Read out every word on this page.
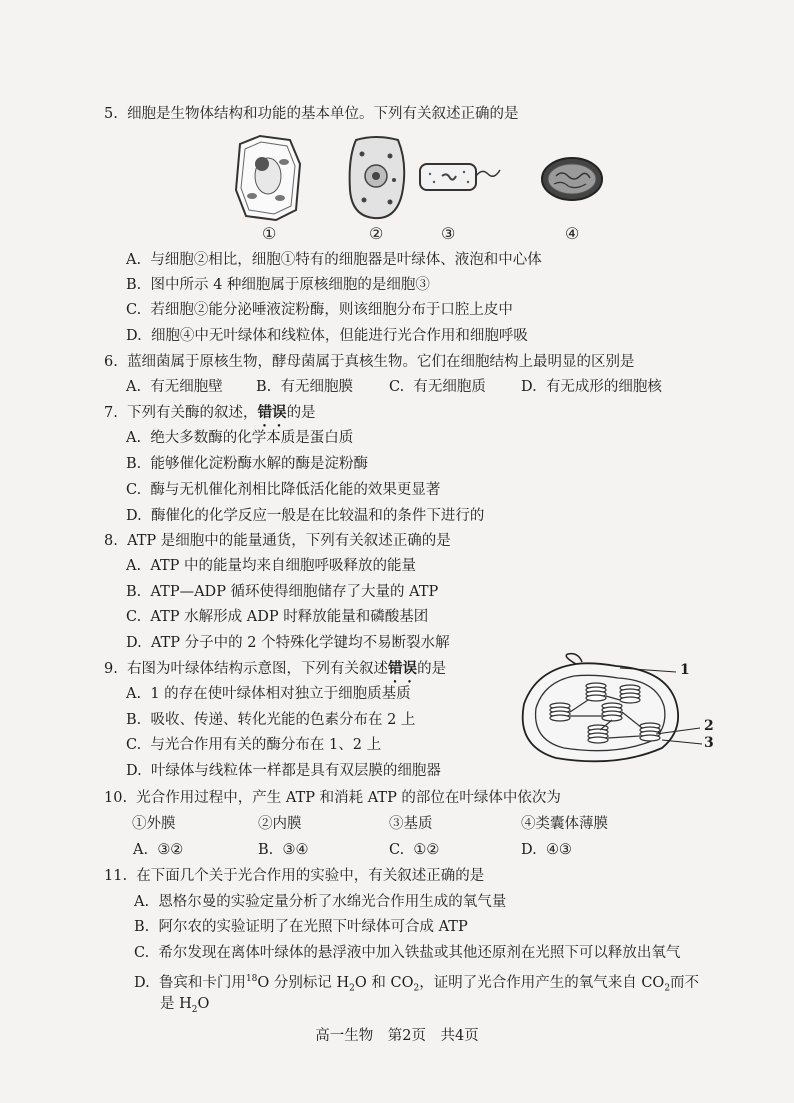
5. 细胞是生物体结构和功能的基本单位。下列有关叙述正确的是
①	②	③	④
A. 与细胞②相比，细胞①特有的细胞器是叶绿体、液泡和中心体
B. 图中所示 4 种细胞属于原核细胞的是细胞③
C. 若细胞②能分泌唾液淀粉酶，则该细胞分布于口腔上皮中
D. 细胞④中无叶绿体和线粒体，但能进行光合作用和细胞呼吸
6. 蓝细菌属于原核生物，酵母菌属于真核生物。它们在细胞结构上最明显的区别是
A. 有无细胞壁 B. 有无细胞膜 C. 有无细胞质 D. 有无成形的细胞核
7. 下列有关酶的叙述，错误的是
A. 绝大多数酶的化学本质是蛋白质
B. 能够催化淀粉酶水解的酶是淀粉酶
C. 酶与无机催化剂相比降低活化能的效果更显著
D. 酶催化的化学反应一般是在比较温和的条件下进行的
8. ATP 是细胞中的能量通货，下列有关叙述正确的是
A. ATP 中的能量均来自细胞呼吸释放的能量
B. ATP—ADP 循环使得细胞储存了大量的 ATP
C. ATP 水解形成 ADP 时释放能量和磷酸基团
D. ATP 分子中的 2 个特殊化学键均不易断裂水解
9. 右图为叶绿体结构示意图，下列有关叙述错误的是
A. 1 的存在使叶绿体相对独立于细胞质基质
B. 吸收、传递、转化光能的色素分布在 2 上
C. 与光合作用有关的酶分布在 1、2 上
D. 叶绿体与线粒体一样都是具有双层膜的细胞器
1
2
3
10. 光合作用过程中，产生 ATP 和消耗 ATP 的部位在叶绿体中依次为
①外膜	②内膜	③基质	④类囊体薄膜
A. ③②	B. ③④	C. ①②	D. ④③
11. 在下面几个关于光合作用的实验中，有关叙述正确的是
A. 恩格尔曼的实验定量分析了水绵光合作用生成的氧气量
B. 阿尔农的实验证明了在光照下叶绿体可合成 ATP
C. 希尔发现在离体叶绿体的悬浮液中加入铁盐或其他还原剂在光照下可以释放出氧气
D. 鲁宾和卡门用$^{18}$O 分别标记 $H_2O$ 和 $CO_2$，证明了光合作用产生的氧气来自 $CO_2$而不
是 $H_2O$
高一生物　第2页　共4页
